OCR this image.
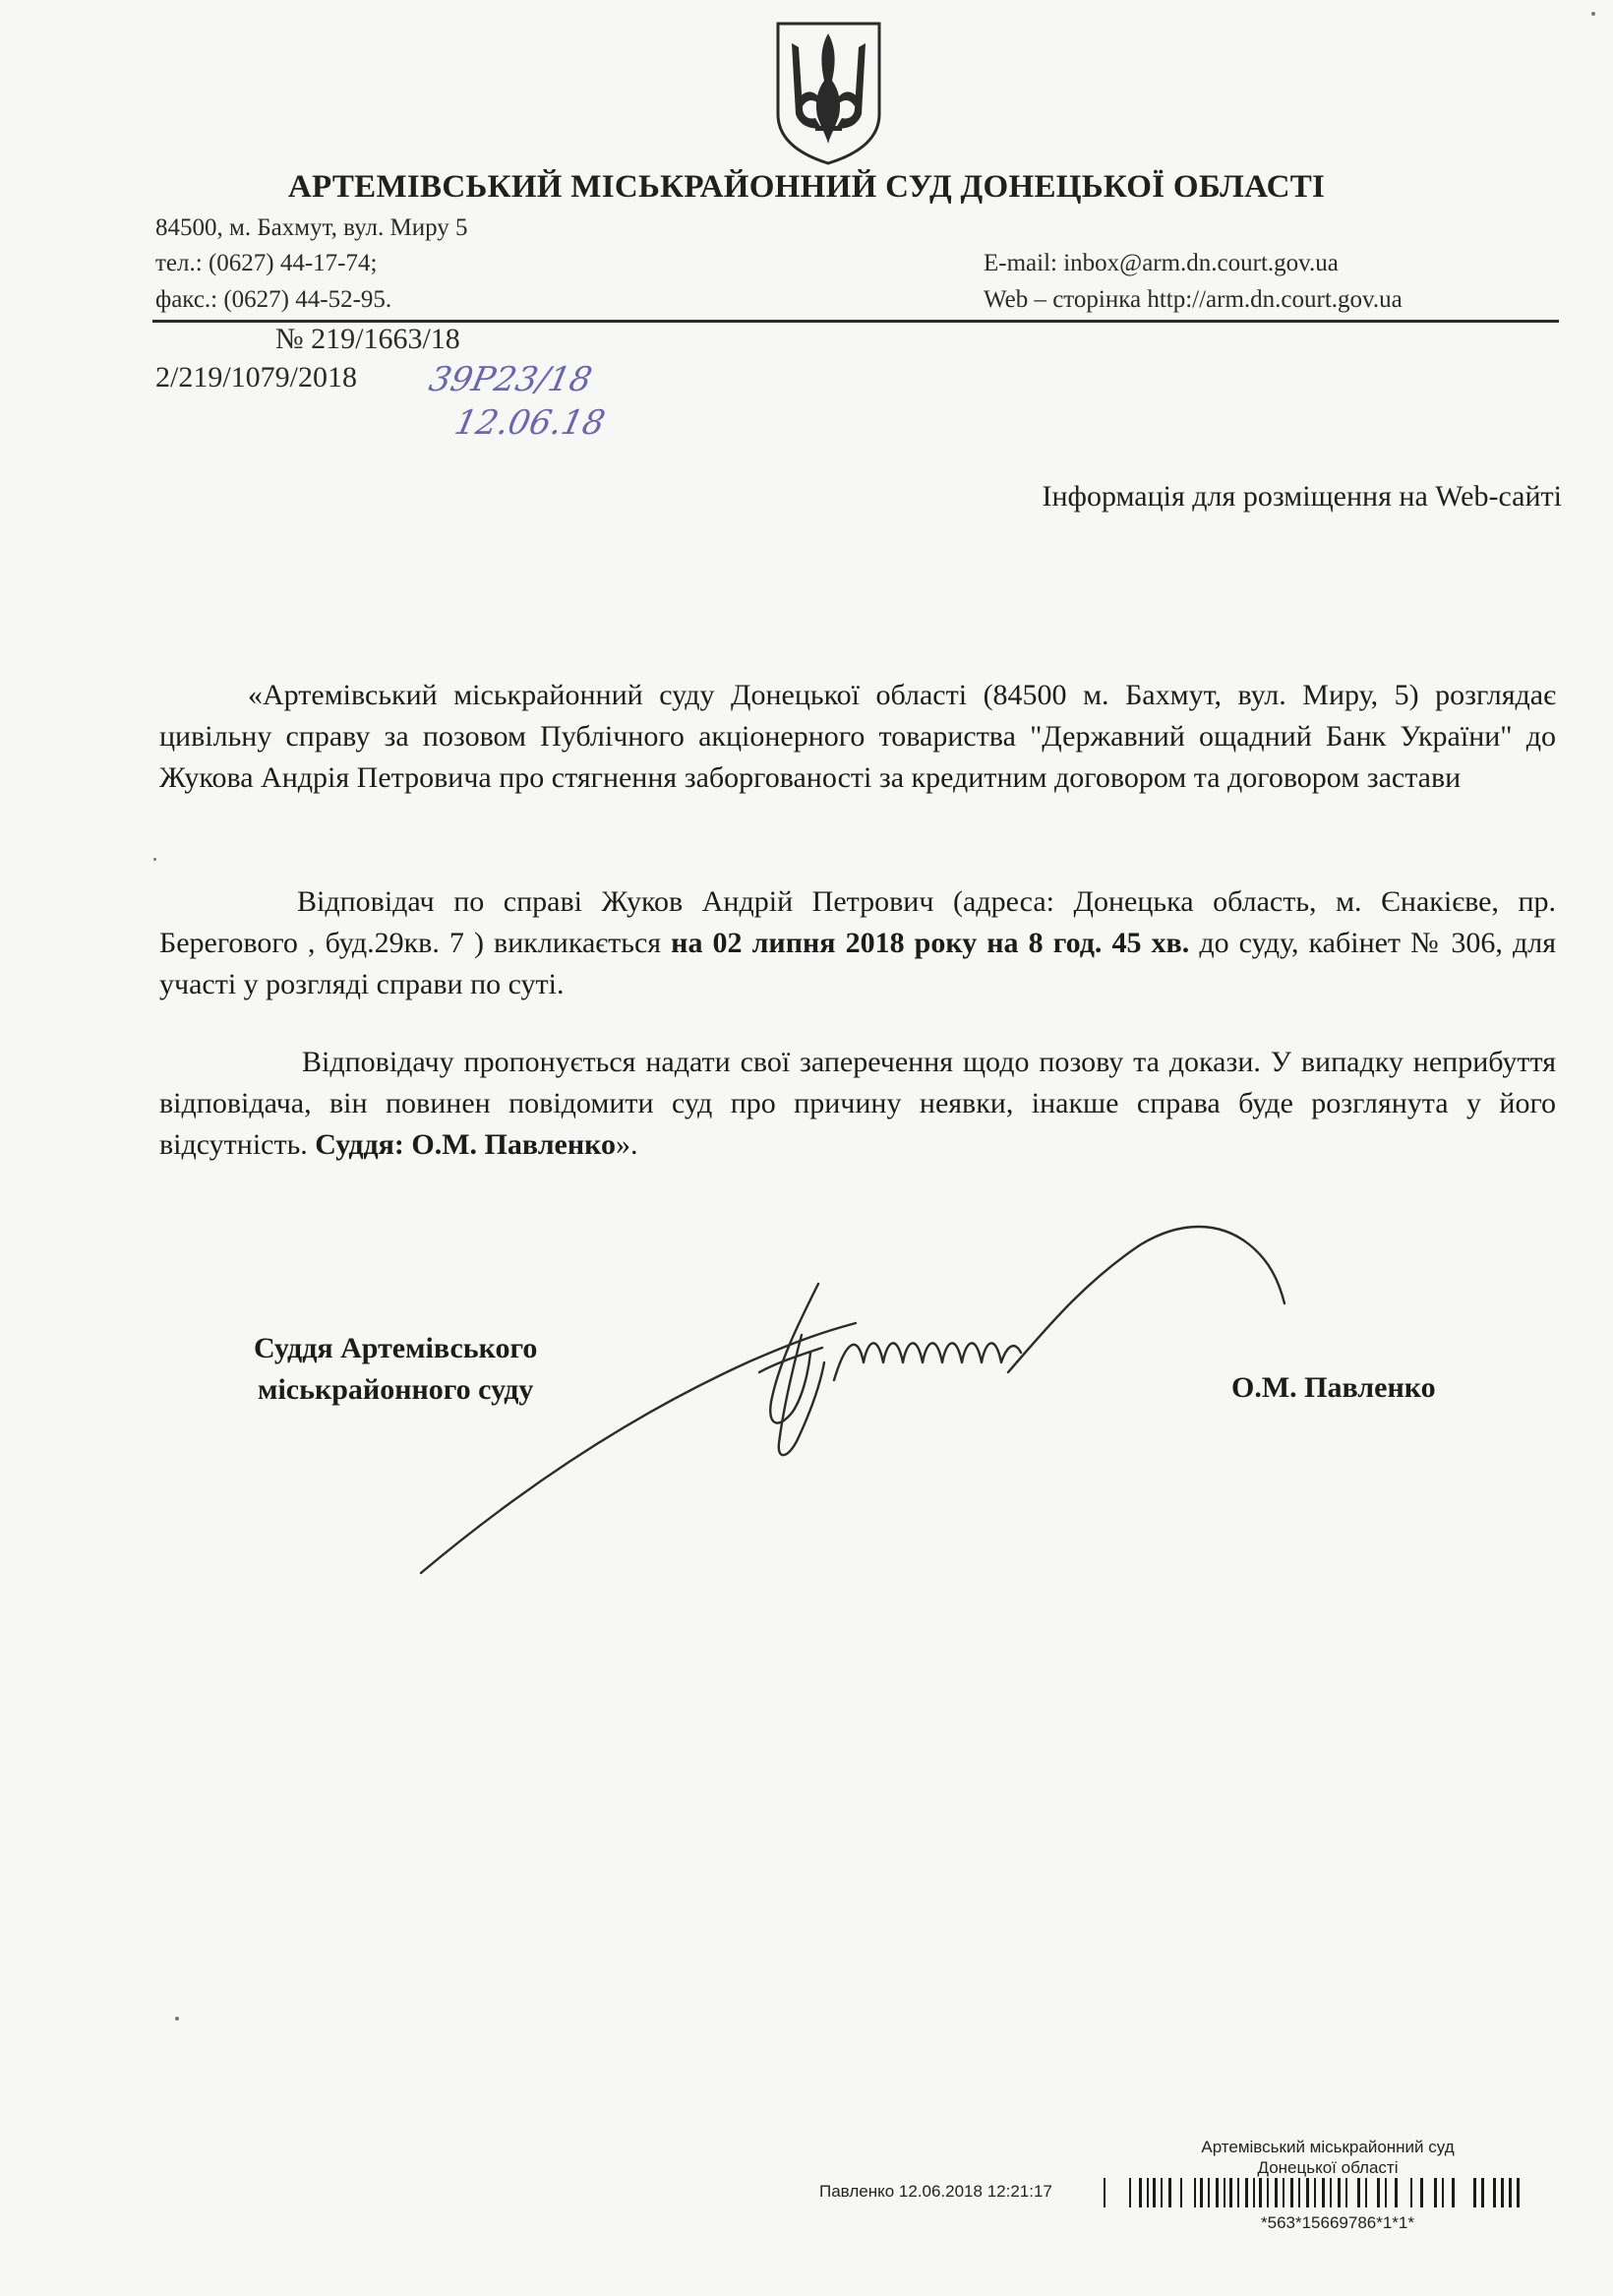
АРТЕМІВСЬКИЙ МІСЬКРАЙОННИЙ СУД ДОНЕЦЬКОЇ ОБЛАСТІ
84500, м. Бахмут, вул. Миру 5
тел.: (0627) 44-17-74;
факс.: (0627) 44-52-95.
E-mail: inbox@arm.dn.court.gov.ua
Web – сторінка http://arm.dn.court.gov.ua
№ 219/1663/18
2/219/1079/2018 39Р23/18
12.06.18
Інформація для розміщення на Web-сайті
«Артемівський міськрайонний суду Донецької області (84500 м. Бахмут, вул. Миру, 5) розглядає цивільну справу за позовом Публічного акціонерного товариства "Державний ощадний Банк України" до Жукова Андрія Петровича про стягнення заборгованості за кредитним договором та договором застави
Відповідач по справі Жуков Андрій Петрович (адреса: Донецька область, м. Єнакієве, пр. Берегового , буд.29кв. 7 ) викликається на 02 липня 2018 року на 8 год. 45 хв. до суду, кабінет № 306, для участі у розгляді справи по суті.
Відповідачу пропонується надати свої заперечення щодо позову та докази. У випадку неприбуття відповідача, він повинен повідомити суд про причину неявки, інакше справа буде розглянута у його відсутність. Суддя: О.М. Павленко».
Суддя Артемівського
міськрайонного суду	О.М. Павленко
Артемівський міськрайонний суд
Донецької області
Павленко 12.06.2018 12:21:17
*563*15669786*1*1*
